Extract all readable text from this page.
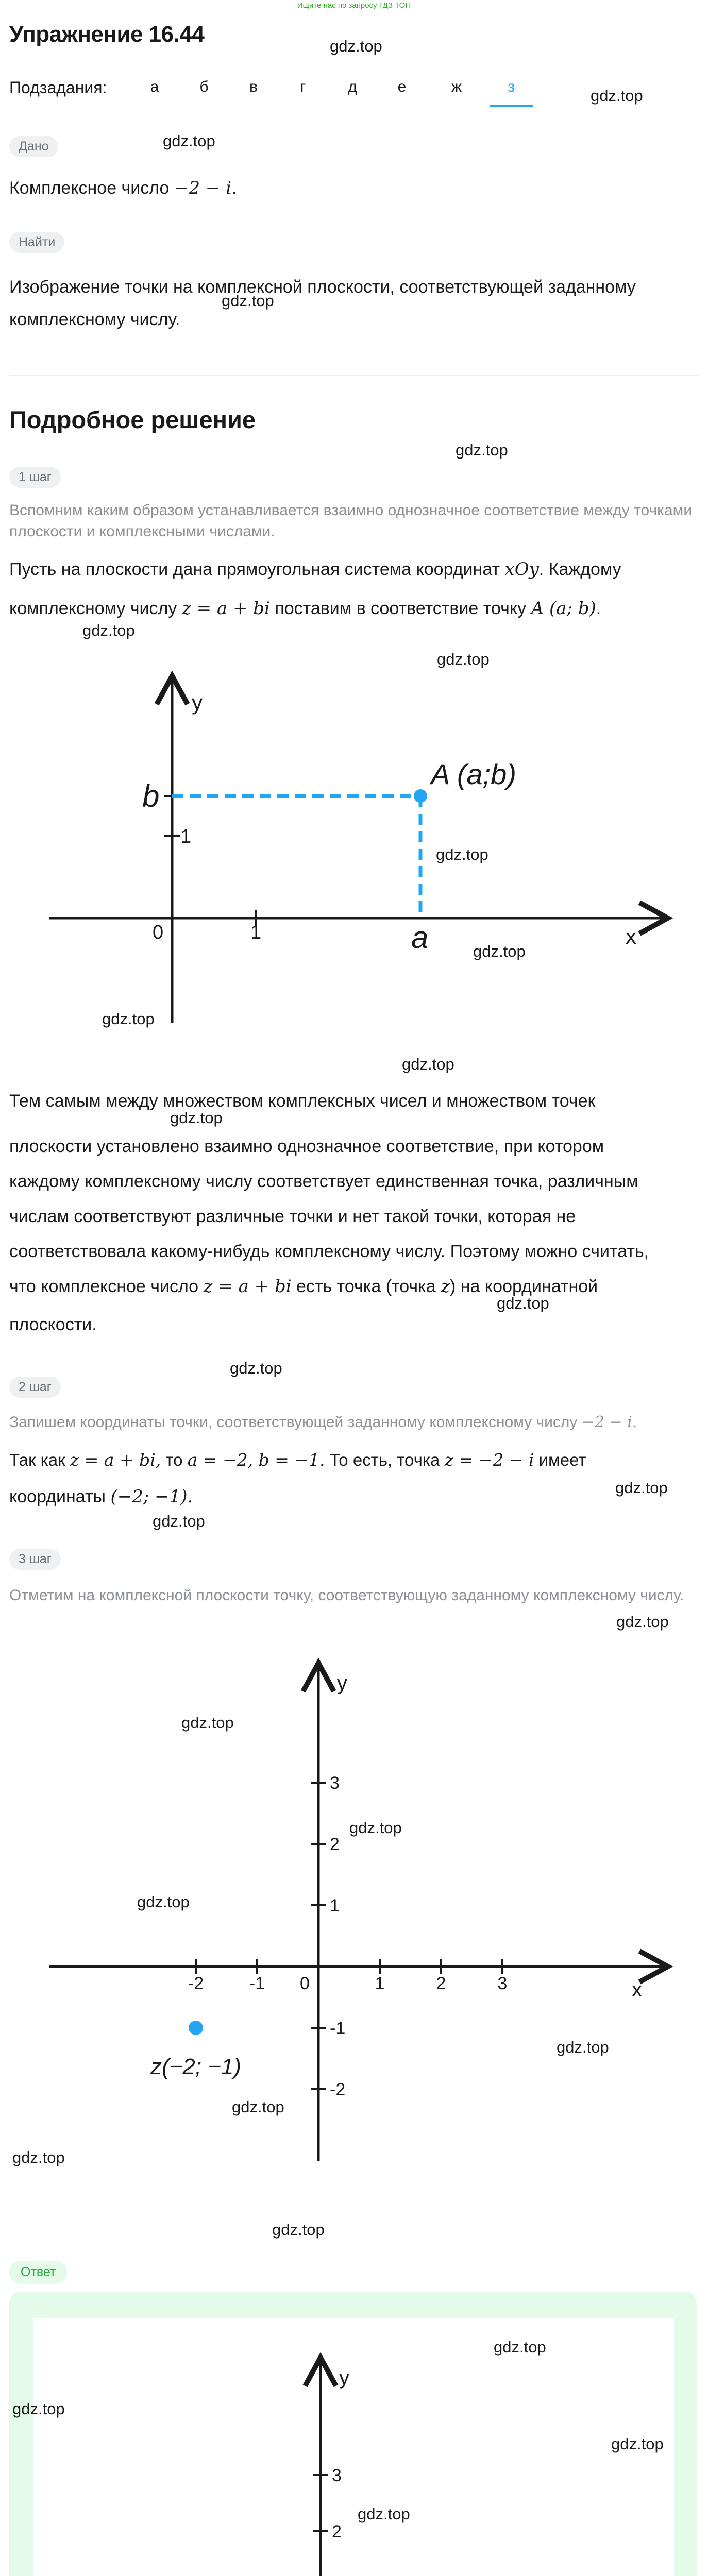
Ищите нас по запросу ГДЗ ТОП
Упражнение 16.44	gdz.top
Подзадания:	а	б	в	г	д	е	ж	з	gdz.top
Дано	gdz.top
Комплексное число −2 − i.
Найти
Изображение точки на комплексной плоскости, соответствующей заданному комплексному числу.
gdz.top
Подробное решение
gdz.top
1 шаг
Вспомним каким образом устанавливается взаимно однозначное соответствие между точками плоскости и комплексными числами.
Пусть на плоскости дана прямоугольная система координат xOy. Каждому
комплексному числу z = a + bi поставим в соответствие точку A (a; b).
gdz.top
gdz.top
y
x
0	1
1
b
a
A (a;b)
gdz.top
gdz.top
gdz.top
gdz.top
Тем самым между множеством комплексных чисел и множеством точек
gdz.top
плоскости установлено взаимно однозначное соответствие, при котором
каждому комплексному числу соответствует единственная точка, различным
числам соответствуют различные точки и нет такой точки, которая не
соответствовала какому-нибудь комплексному числу. Поэтому можно считать,
что комплексное число z = a + bi есть точка (точка z) на координатной
gdz.top
плоскости.
gdz.top
2 шаг
Запишем координаты точки, соответствующей заданному комплексному числу −2 − i.
Так как z = a + bi, то a = −2, b = −1. То есть, точка z = −2 − i имеет
gdz.top
координаты (−2; −1).
gdz.top
3 шаг
Отметим на комплексной плоскости точку, соответствующую заданному комплексному числу.
gdz.top
-2	-1	1	2	3
3
2
1
-1
-2
0
y
x
z(−2; −1)
gdz.top
gdz.top
gdz.top
gdz.top
gdz.top
gdz.top
gdz.top
Ответ
3
2
y
gdz.top
gdz.top
gdz.top
gdz.top
